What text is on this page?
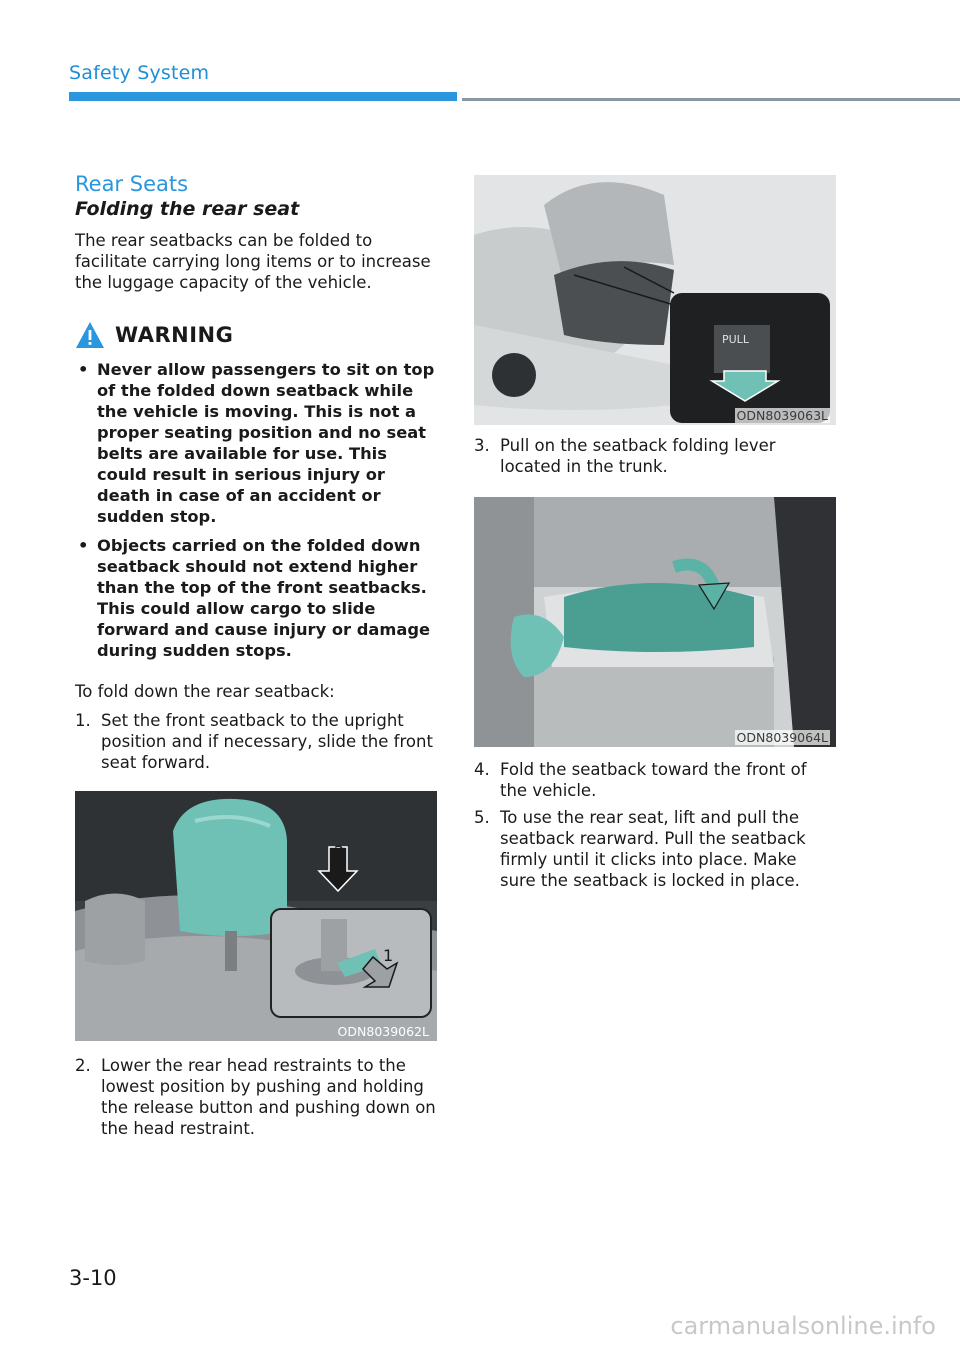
Safety System
Rear Seats
Folding the rear seat

The rear seatbacks can be folded to facilitate carrying long items or to increase the luggage capacity of the vehicle.

WARNING
• Never allow passengers to sit on top of the folded down seatback while the vehicle is moving. This is not a proper seating position and no seat belts are available for use. This could result in serious injury or death in case of an accident or sudden stop.
• Objects carried on the folded down seatback should not extend higher than the top of the front seatbacks. This could allow cargo to slide forward and cause injury or damage during sudden stops.

To fold down the rear seatback:

1. Set the front seatback to the upright position and if necessary, slide the front seat forward.
2
1
ODN8039062L
2. Lower the rear head restraints to the lowest position by pushing and holding the release button and pushing down on the head restraint.
PULL
ODN8039063L
3. Pull on the seatback folding lever located in the trunk.
ODN8039064L
4. Fold the seatback toward the front of the vehicle.
5. To use the rear seat, lift and pull the seatback rearward. Pull the seatback firmly until it clicks into place. Make sure the seatback is locked in place.
3-10
carmanualsonline.info
